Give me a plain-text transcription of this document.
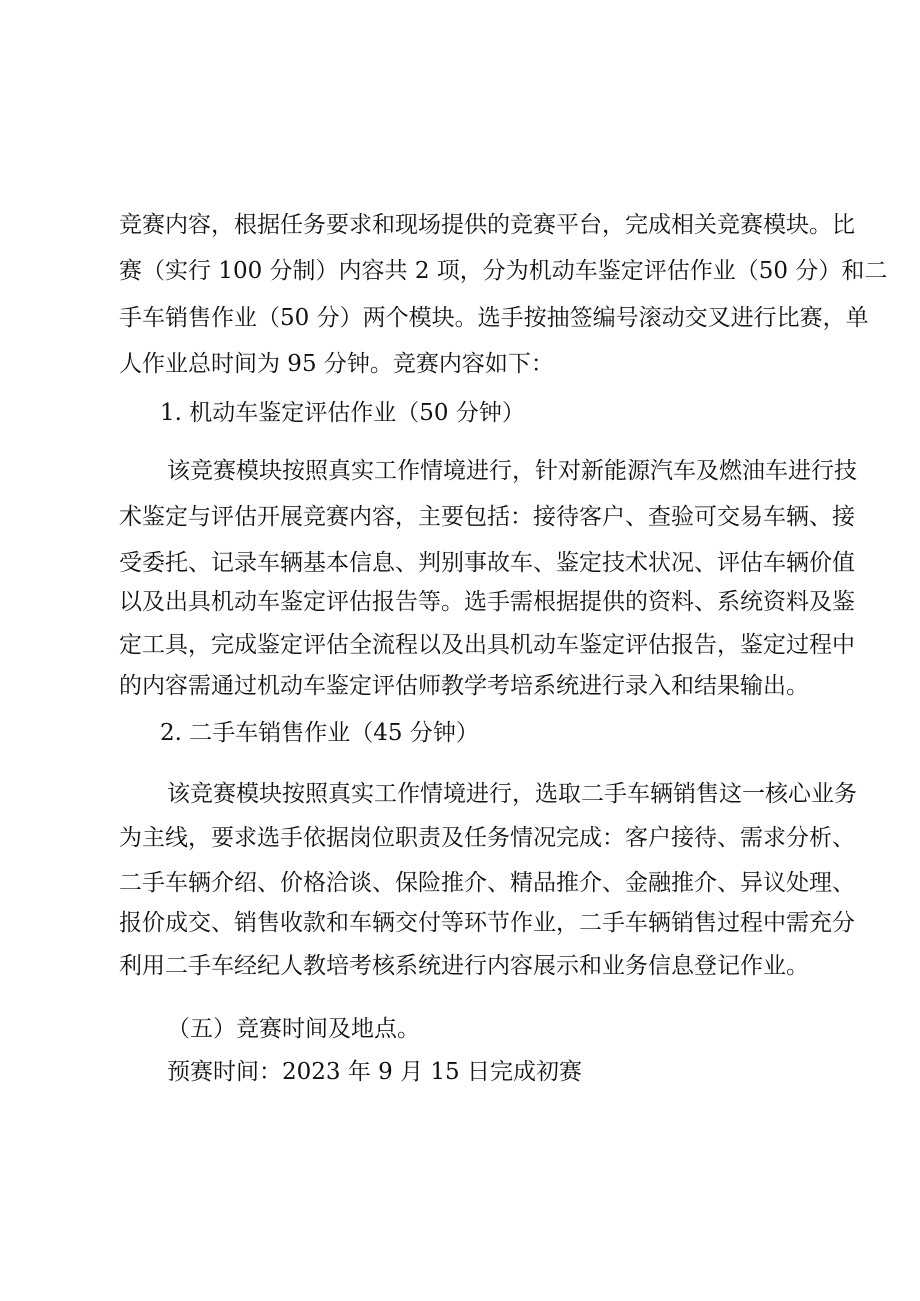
竞赛内容，根据任务要求和现场提供的竞赛平台，完成相关竞赛模块。比
赛（实行 100 分制）内容共 2 项，分为机动车鉴定评估作业（50 分）和二
手车销售作业（50 分）两个模块。选手按抽签编号滚动交叉进行比赛，单
人作业总时间为 95 分钟。竞赛内容如下：
1. 机动车鉴定评估作业（50 分钟）
该竞赛模块按照真实工作情境进行，针对新能源汽车及燃油车进行技
术鉴定与评估开展竞赛内容，主要包括：接待客户、查验可交易车辆、接
受委托、记录车辆基本信息、判别事故车、鉴定技术状况、评估车辆价值
以及出具机动车鉴定评估报告等。选手需根据提供的资料、系统资料及鉴
定工具，完成鉴定评估全流程以及出具机动车鉴定评估报告，鉴定过程中
的内容需通过机动车鉴定评估师教学考培系统进行录入和结果输出。
2. 二手车销售作业（45 分钟）
该竞赛模块按照真实工作情境进行，选取二手车辆销售这一核心业务
为主线，要求选手依据岗位职责及任务情况完成：客户接待、需求分析、
二手车辆介绍、价格洽谈、保险推介、精品推介、金融推介、异议处理、
报价成交、销售收款和车辆交付等环节作业，二手车辆销售过程中需充分
利用二手车经纪人教培考核系统进行内容展示和业务信息登记作业。
（五）竞赛时间及地点。
预赛时间：2023 年 9 月 15 日完成初赛
